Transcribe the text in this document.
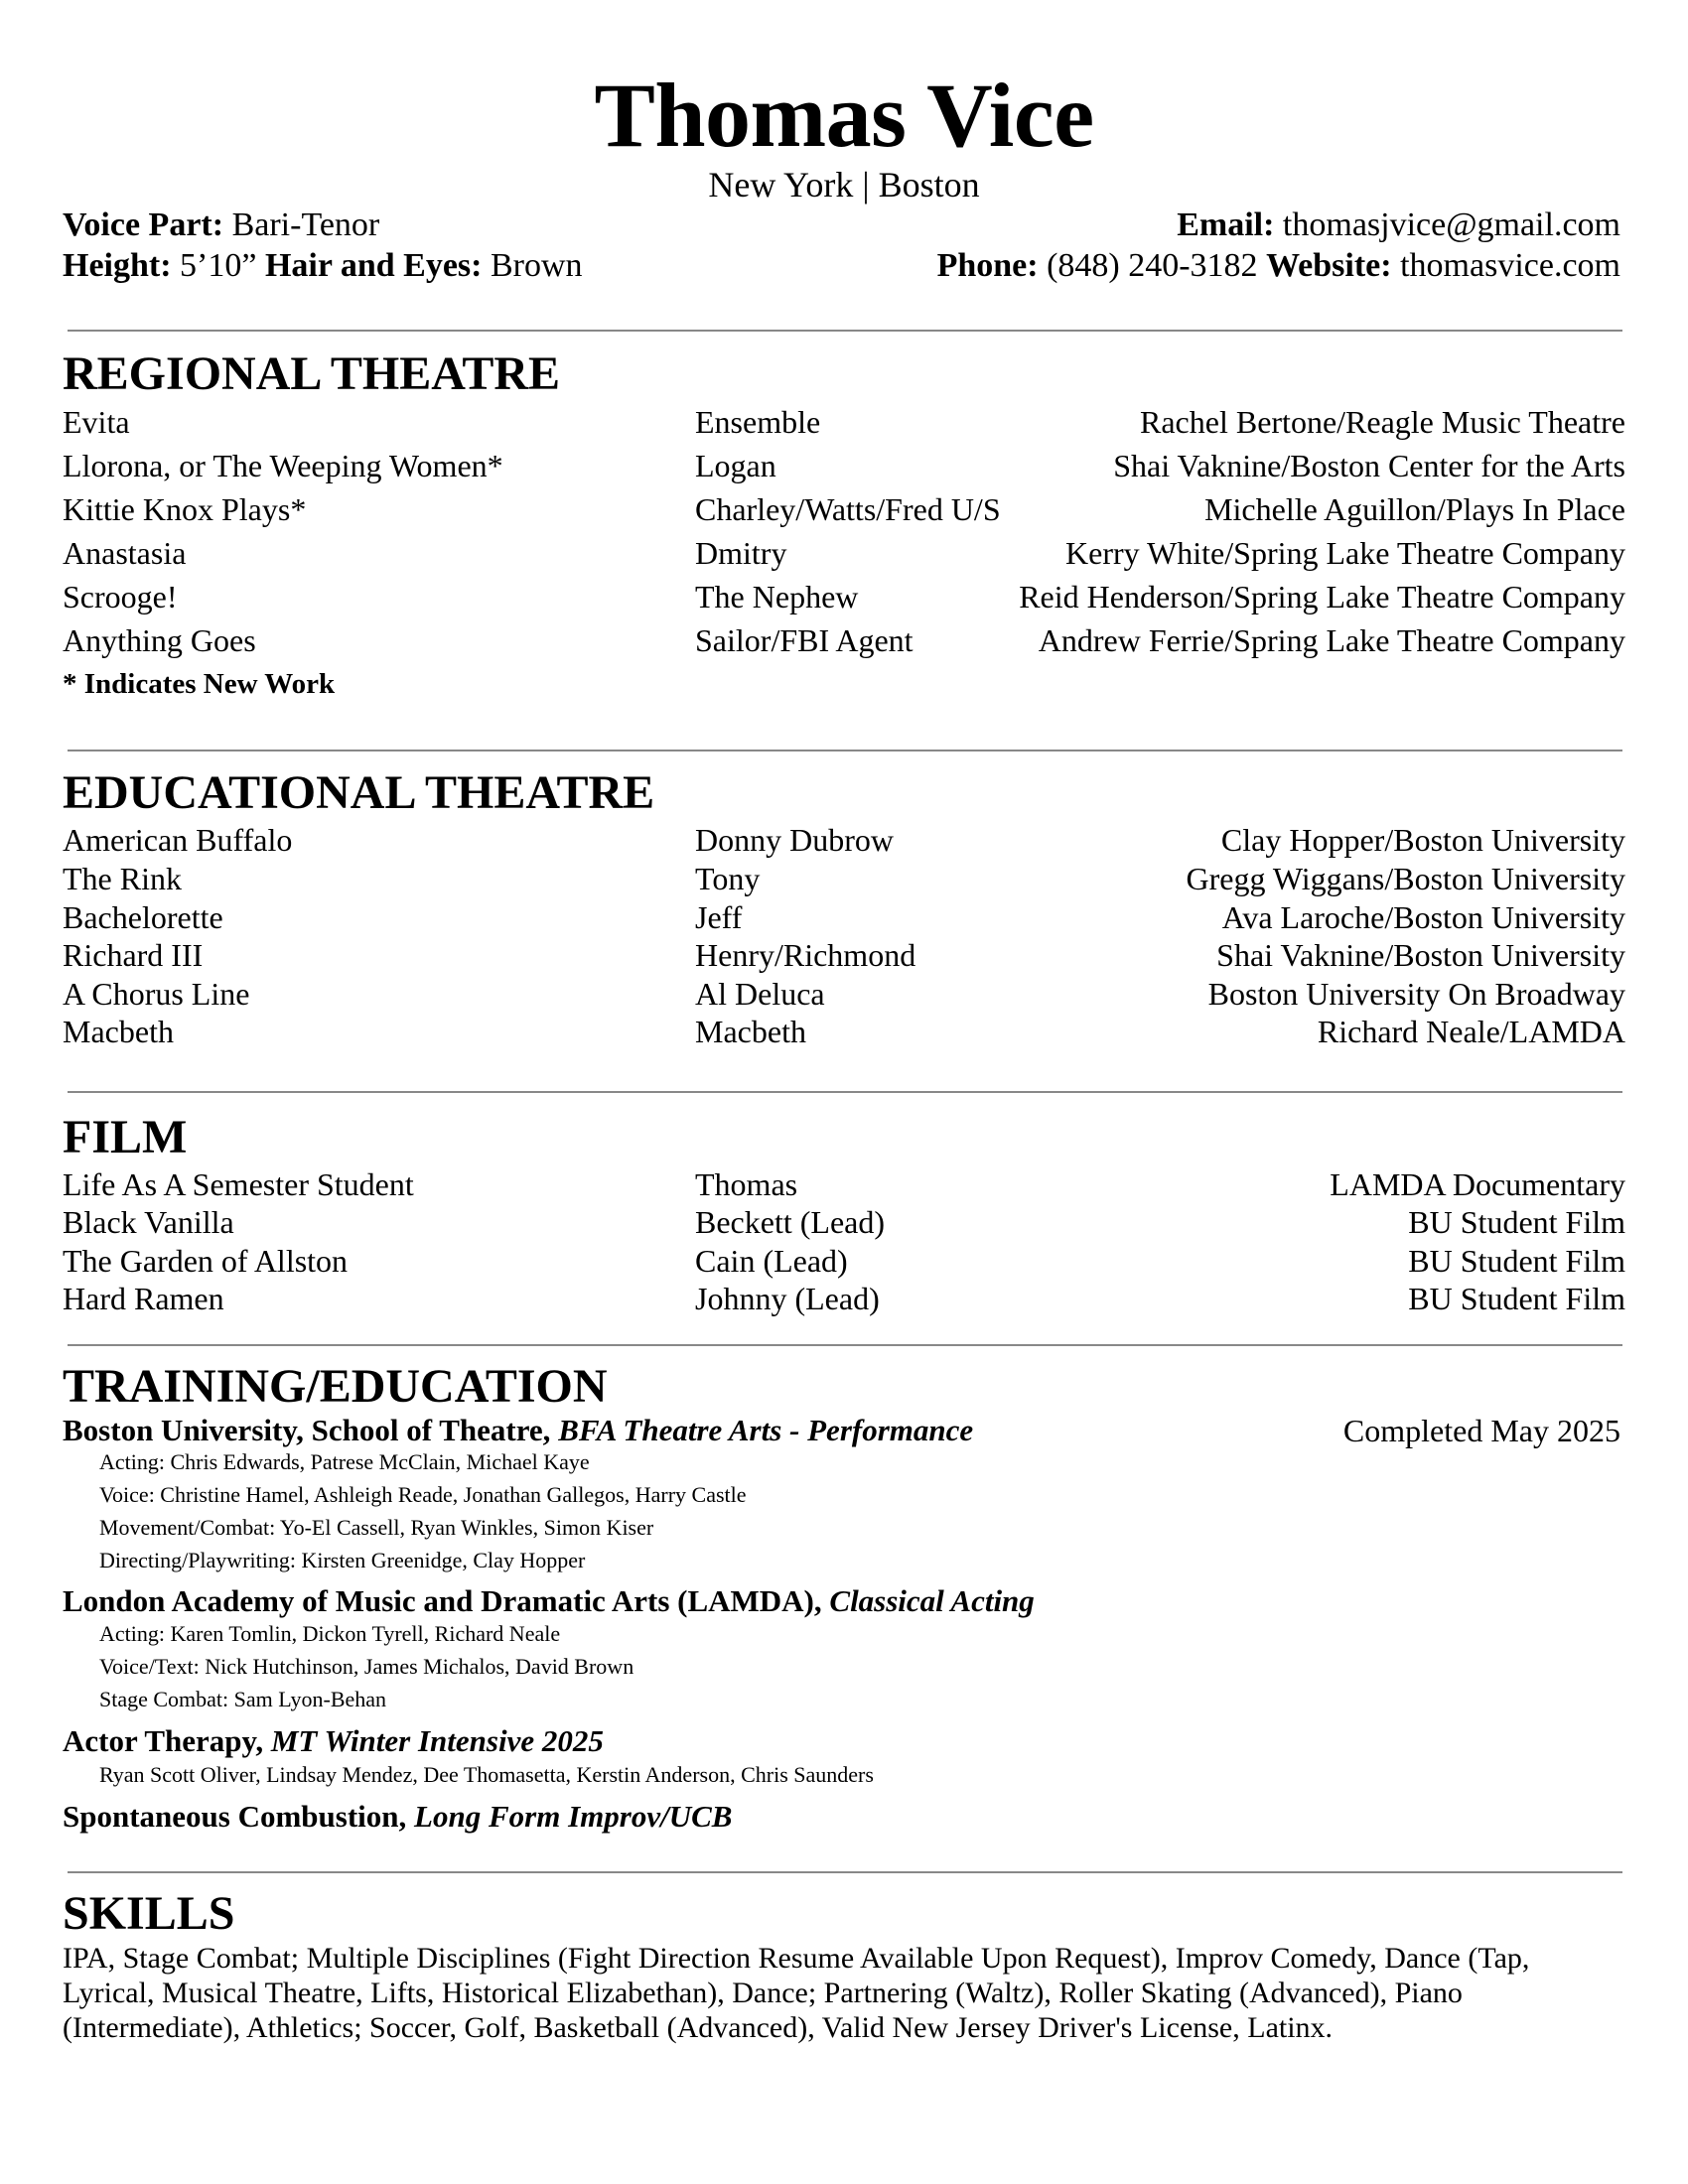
Thomas Vice
New York | Boston
Voice Part: Bari-Tenor
Height: 5’10” Hair and Eyes: Brown
Email: thomasjvice@gmail.com
Phone: (848) 240-3182 Website: thomasvice.com
REGIONAL THEATRE
Evita	Ensemble	Rachel Bertone/Reagle Music Theatre
Llorona, or The Weeping Women*	Logan	Shai Vaknine/Boston Center for the Arts
Kittie Knox Plays*	Charley/Watts/Fred U/S	Michelle Aguillon/Plays In Place
Anastasia	Dmitry	Kerry White/Spring Lake Theatre Company
Scrooge!	The Nephew	Reid Henderson/Spring Lake Theatre Company
Anything Goes	Sailor/FBI Agent	Andrew Ferrie/Spring Lake Theatre Company
* Indicates New Work
EDUCATIONAL THEATRE
American Buffalo	Donny Dubrow	Clay Hopper/Boston University
The Rink	Tony	Gregg Wiggans/Boston University
Bachelorette	Jeff	Ava Laroche/Boston University
Richard III	Henry/Richmond	Shai Vaknine/Boston University
A Chorus Line	Al Deluca	Boston University On Broadway
Macbeth	Macbeth	Richard Neale/LAMDA
FILM
Life As A Semester Student	Thomas	LAMDA Documentary
Black Vanilla	Beckett (Lead)	BU Student Film
The Garden of Allston	Cain (Lead)	BU Student Film
Hard Ramen	Johnny (Lead)	BU Student Film
TRAINING/EDUCATION
Boston University, School of Theatre, BFA Theatre Arts - Performance	Completed May 2025
Acting: Chris Edwards, Patrese McClain, Michael Kaye
Voice: Christine Hamel, Ashleigh Reade, Jonathan Gallegos, Harry Castle
Movement/Combat: Yo-El Cassell, Ryan Winkles, Simon Kiser
Directing/Playwriting: Kirsten Greenidge, Clay Hopper
London Academy of Music and Dramatic Arts (LAMDA), Classical Acting
Acting: Karen Tomlin, Dickon Tyrell, Richard Neale
Voice/Text: Nick Hutchinson, James Michalos, David Brown
Stage Combat: Sam Lyon-Behan
Actor Therapy, MT Winter Intensive 2025
Ryan Scott Oliver, Lindsay Mendez, Dee Thomasetta, Kerstin Anderson, Chris Saunders
Spontaneous Combustion, Long Form Improv/UCB
SKILLS
IPA, Stage Combat; Multiple Disciplines (Fight Direction Resume Available Upon Request), Improv Comedy, Dance (Tap, Lyrical, Musical Theatre, Lifts, Historical Elizabethan), Dance; Partnering (Waltz), Roller Skating (Advanced), Piano (Intermediate), Athletics; Soccer, Golf, Basketball (Advanced), Valid New Jersey Driver's License, Latinx.
